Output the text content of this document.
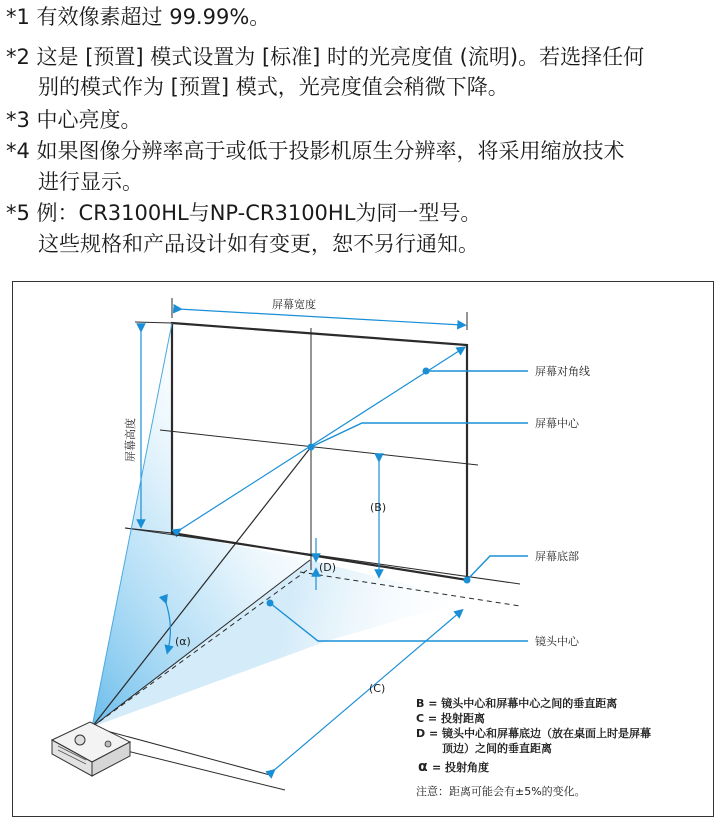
*1 有效像素超过 99.99%。
*2 这是 [预置] 模式设置为 [标准] 时的光亮度值 (流明)。若选择任何
别的模式作为 [预置] 模式，光亮度值会稍微下降。
*3 中心亮度。
*4 如果图像分辨率高于或低于投影机原生分辨率，将采用缩放技术
进行显示。
*5 例：CR3100HL与NP-CR3100HL为同一型号。
这些规格和产品设计如有变更，恕不另行通知。
屏幕宽度
屏幕高度
屏幕对角线
屏幕中心
屏幕底部
镜头中心
(B)
(D)
(α)
(C)
B = 镜头中心和屏幕中心之间的垂直距离
C = 投射距离
D = 镜头中心和屏幕底边（放在桌面上时是屏幕
顶边）之间的垂直距离
α = 投射角度
注意：距离可能会有±5%的变化。
